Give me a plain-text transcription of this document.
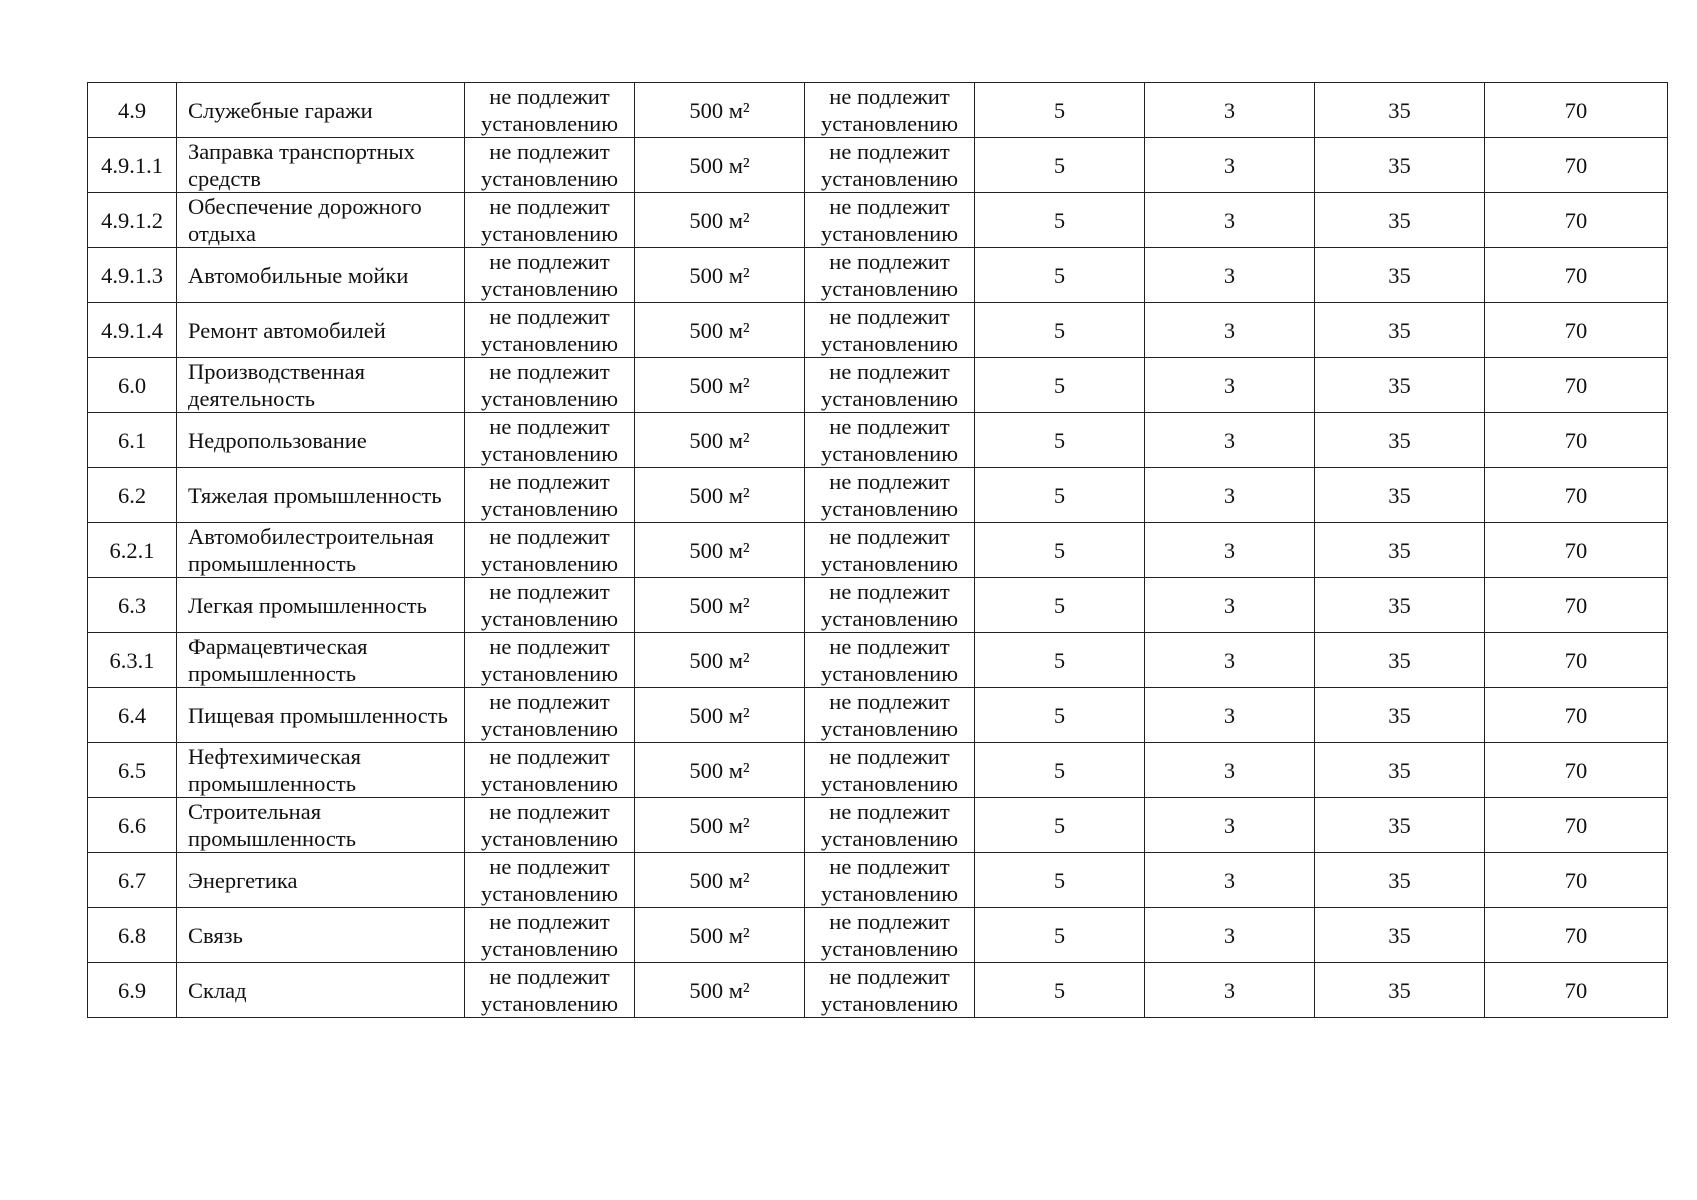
4.9	Служебные гаражи	не подлежит установлению	500 м²	не подлежит установлению	5	3	35	70
4.9.1.1	Заправка транспортных средств	не подлежит установлению	500 м²	не подлежит установлению	5	3	35	70
4.9.1.2	Обеспечение дорожного отдыха	не подлежит установлению	500 м²	не подлежит установлению	5	3	35	70
4.9.1.3	Автомобильные мойки	не подлежит установлению	500 м²	не подлежит установлению	5	3	35	70
4.9.1.4	Ремонт автомобилей	не подлежит установлению	500 м²	не подлежит установлению	5	3	35	70
6.0	Производственная деятельность	не подлежит установлению	500 м²	не подлежит установлению	5	3	35	70
6.1	Недропользование	не подлежит установлению	500 м²	не подлежит установлению	5	3	35	70
6.2	Тяжелая промышленность	не подлежит установлению	500 м²	не подлежит установлению	5	3	35	70
6.2.1	Автомобилестроительная промышленность	не подлежит установлению	500 м²	не подлежит установлению	5	3	35	70
6.3	Легкая промышленность	не подлежит установлению	500 м²	не подлежит установлению	5	3	35	70
6.3.1	Фармацевтическая промышленность	не подлежит установлению	500 м²	не подлежит установлению	5	3	35	70
6.4	Пищевая промышленность	не подлежит установлению	500 м²	не подлежит установлению	5	3	35	70
6.5	Нефтехимическая промышленность	не подлежит установлению	500 м²	не подлежит установлению	5	3	35	70
6.6	Строительная промышленность	не подлежит установлению	500 м²	не подлежит установлению	5	3	35	70
6.7	Энергетика	не подлежит установлению	500 м²	не подлежит установлению	5	3	35	70
6.8	Связь	не подлежит установлению	500 м²	не подлежит установлению	5	3	35	70
6.9	Склад	не подлежит установлению	500 м²	не подлежит установлению	5	3	35	70
